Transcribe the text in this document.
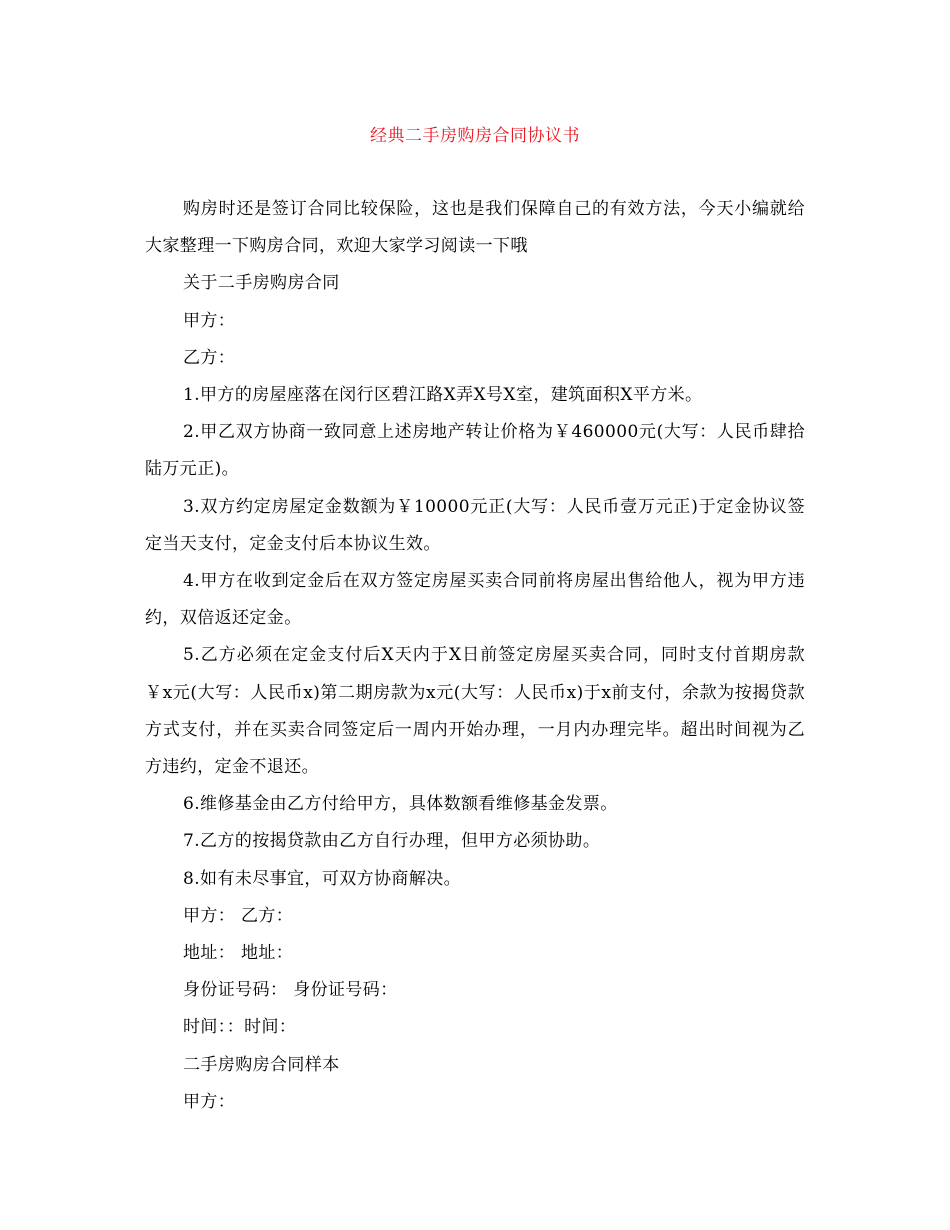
经典二手房购房合同协议书

购房时还是签订合同比较保险，这也是我们保障自己的有效方法，今天小编就给大家整理一下购房合同，欢迎大家学习阅读一下哦

关于二手房购房合同

甲方：

乙方：

1.甲方的房屋座落在闵行区碧江路X弄X号X室，建筑面积X平方米。

2.甲乙双方协商一致同意上述房地产转让价格为￥460000元(大写：人民币肆拾陆万元正)。

3.双方约定房屋定金数额为￥10000元正(大写：人民币壹万元正)于定金协议签定当天支付，定金支付后本协议生效。

4.甲方在收到定金后在双方签定房屋买卖合同前将房屋出售给他人，视为甲方违约，双倍返还定金。

5.乙方必须在定金支付后X天内于X日前签定房屋买卖合同，同时支付首期房款￥x元(大写：人民币x)第二期房款为x元(大写：人民币x)于x前支付，余款为按揭贷款方式支付，并在买卖合同签定后一周内开始办理，一月内办理完毕。超出时间视为乙方违约，定金不退还。

6.维修基金由乙方付给甲方，具体数额看维修基金发票。

7.乙方的按揭贷款由乙方自行办理，但甲方必须协助。

8.如有未尽事宜，可双方协商解决。

甲方： 乙方：

地址： 地址：

身份证号码： 身份证号码：

时间：：时间：

二手房购房合同样本

甲方：
